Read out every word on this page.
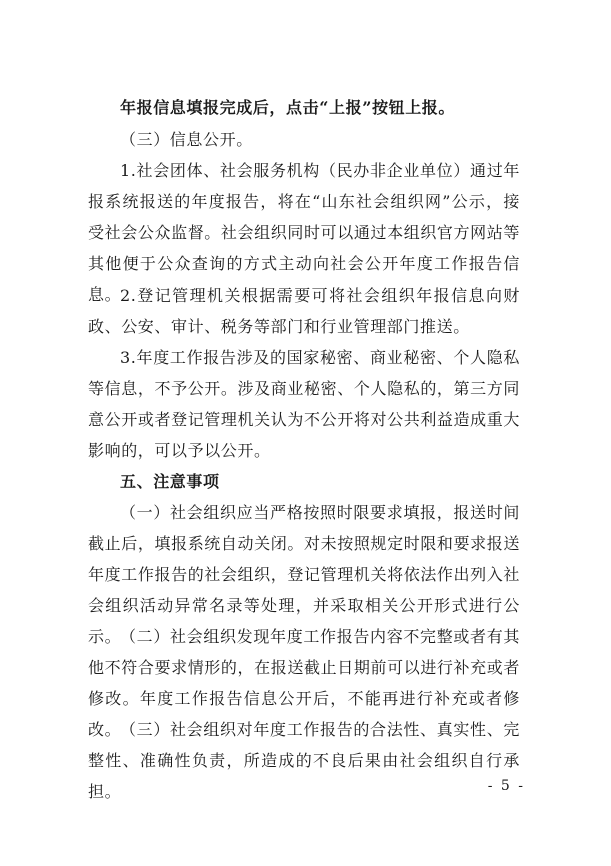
年报信息填报完成后，点击“上报”按钮上报。

（三）信息公开。

1.社会团体、社会服务机构（民办非企业单位）通过年报系统报送的年度报告，将在“山东社会组织网”公示，接受社会公众监督。社会组织同时可以通过本组织官方网站等其他便于公众查询的方式主动向社会公开年度工作报告信息。

2.登记管理机关根据需要可将社会组织年报信息向财政、公安、审计、税务等部门和行业管理部门推送。

3.年度工作报告涉及的国家秘密、商业秘密、个人隐私等信息，不予公开。涉及商业秘密、个人隐私的，第三方同意公开或者登记管理机关认为不公开将对公共利益造成重大影响的，可以予以公开。

五、注意事项

（一）社会组织应当严格按照时限要求填报，报送时间截止后，填报系统自动关闭。对未按照规定时限和要求报送年度工作报告的社会组织，登记管理机关将依法作出列入社会组织活动异常名录等处理，并采取相关公开形式进行公示。

（二）社会组织发现年度工作报告内容不完整或者有其他不符合要求情形的，在报送截止日期前可以进行补充或者修改。年度工作报告信息公开后，不能再进行补充或者修改。

（三）社会组织对年度工作报告的合法性、真实性、完整性、准确性负责，所造成的不良后果由社会组织自行承担。	- 5 -
